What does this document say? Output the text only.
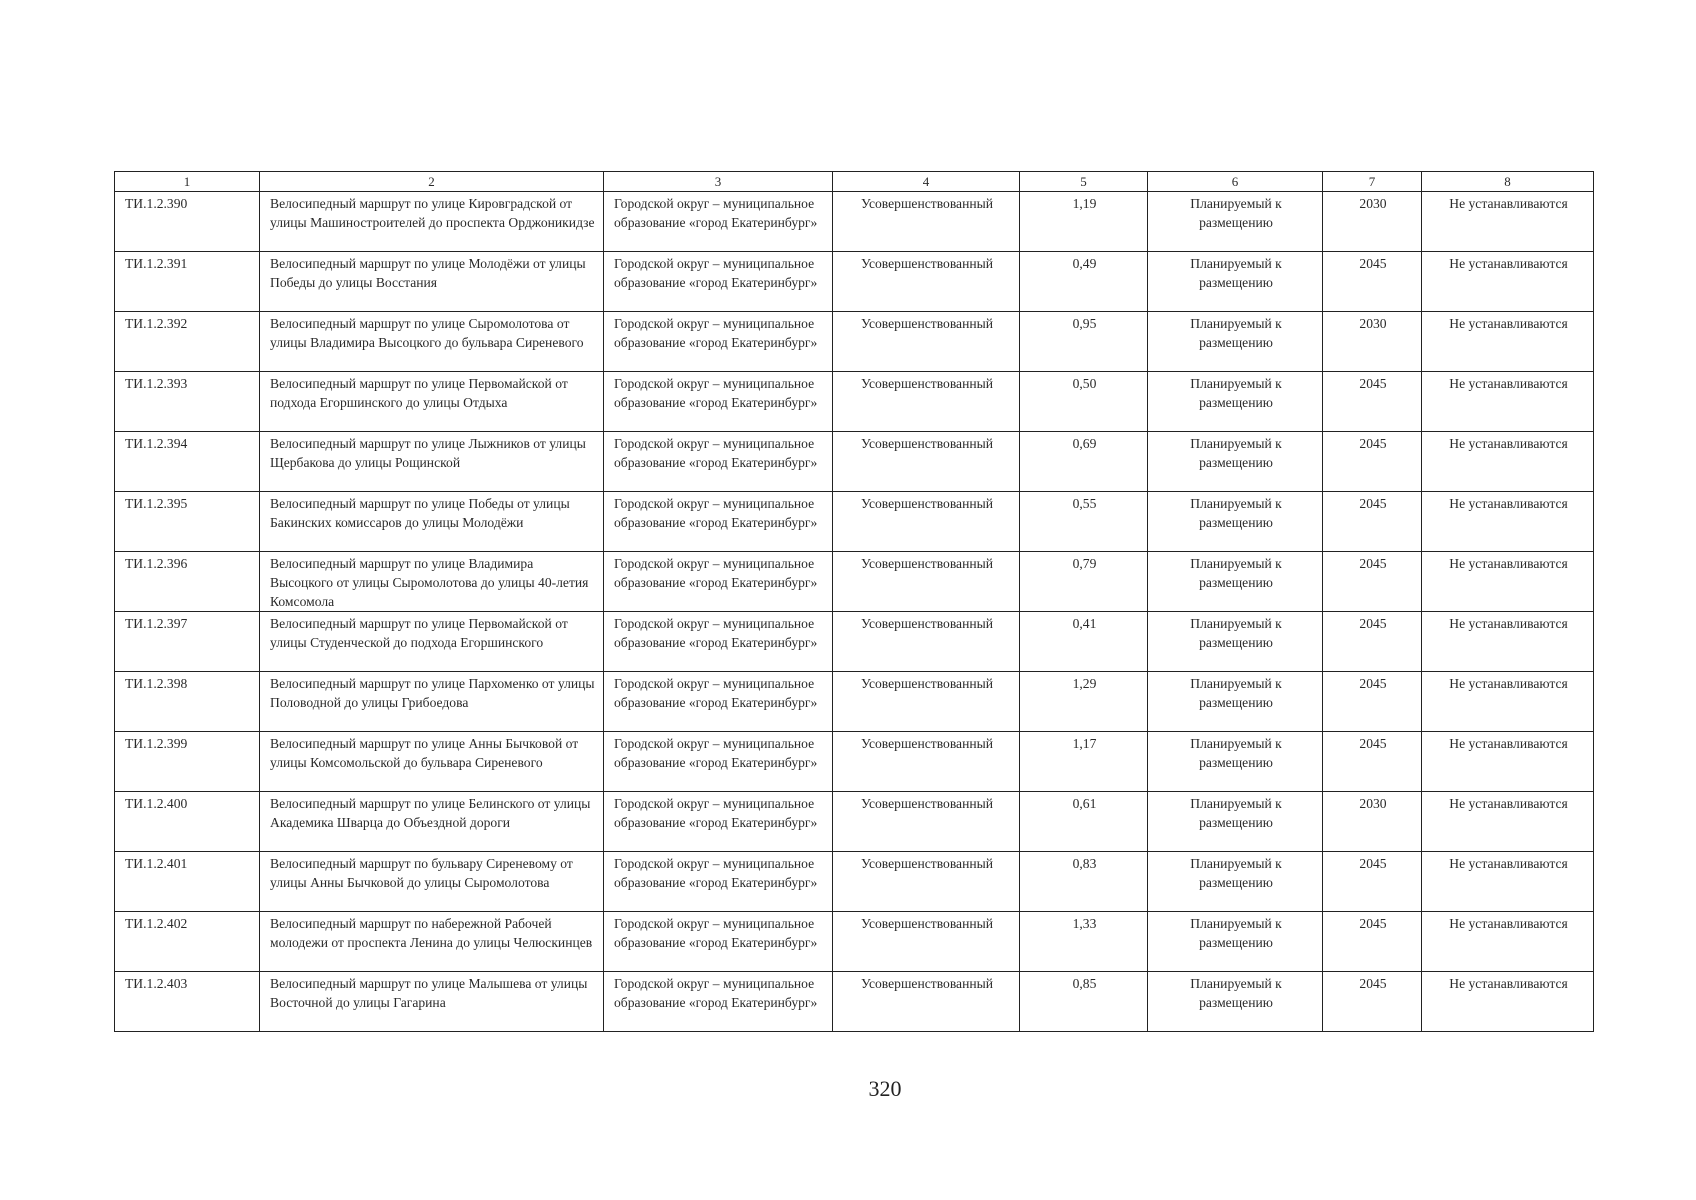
1	2	3	4	5	6	7	8
ТИ.1.2.390	Велосипедный маршрут по улице Кировградской от улицы Машиностроителей до проспекта Орджоникидзе	Городской округ – муниципальное образование «город Екатеринбург»	Усовершенствованный	1,19	Планируемый к размещению	2030	Не устанавливаются
ТИ.1.2.391	Велосипедный маршрут по улице Молодёжи от улицы Победы до улицы Восстания	Городской округ – муниципальное образование «город Екатеринбург»	Усовершенствованный	0,49	Планируемый к размещению	2045	Не устанавливаются
ТИ.1.2.392	Велосипедный маршрут по улице Сыромолотова от улицы Владимира Высоцкого до бульвара Сиреневого	Городской округ – муниципальное образование «город Екатеринбург»	Усовершенствованный	0,95	Планируемый к размещению	2030	Не устанавливаются
ТИ.1.2.393	Велосипедный маршрут по улице Первомайской от подхода Егоршинского до улицы Отдыха	Городской округ – муниципальное образование «город Екатеринбург»	Усовершенствованный	0,50	Планируемый к размещению	2045	Не устанавливаются
ТИ.1.2.394	Велосипедный маршрут по улице Лыжников от улицы Щербакова до улицы Рощинской	Городской округ – муниципальное образование «город Екатеринбург»	Усовершенствованный	0,69	Планируемый к размещению	2045	Не устанавливаются
ТИ.1.2.395	Велосипедный маршрут по улице Победы от улицы Бакинских комиссаров до улицы Молодёжи	Городской округ – муниципальное образование «город Екатеринбург»	Усовершенствованный	0,55	Планируемый к размещению	2045	Не устанавливаются
ТИ.1.2.396	Велосипедный маршрут по улице Владимира Высоцкого от улицы Сыромолотова до улицы 40-летия Комсомола	Городской округ – муниципальное образование «город Екатеринбург»	Усовершенствованный	0,79	Планируемый к размещению	2045	Не устанавливаются
ТИ.1.2.397	Велосипедный маршрут по улице Первомайской от улицы Студенческой до подхода Егоршинского	Городской округ – муниципальное образование «город Екатеринбург»	Усовершенствованный	0,41	Планируемый к размещению	2045	Не устанавливаются
ТИ.1.2.398	Велосипедный маршрут по улице Пархоменко от улицы Половодной до улицы Грибоедова	Городской округ – муниципальное образование «город Екатеринбург»	Усовершенствованный	1,29	Планируемый к размещению	2045	Не устанавливаются
ТИ.1.2.399	Велосипедный маршрут по улице Анны Бычковой от улицы Комсомольской до бульвара Сиреневого	Городской округ – муниципальное образование «город Екатеринбург»	Усовершенствованный	1,17	Планируемый к размещению	2045	Не устанавливаются
ТИ.1.2.400	Велосипедный маршрут по улице Белинского от улицы Академика Шварца до Объездной дороги	Городской округ – муниципальное образование «город Екатеринбург»	Усовершенствованный	0,61	Планируемый к размещению	2030	Не устанавливаются
ТИ.1.2.401	Велосипедный маршрут по бульвару Сиреневому от улицы Анны Бычковой до улицы Сыромолотова	Городской округ – муниципальное образование «город Екатеринбург»	Усовершенствованный	0,83	Планируемый к размещению	2045	Не устанавливаются
ТИ.1.2.402	Велосипедный маршрут по набережной Рабочей молодежи от проспекта Ленина до улицы Челюскинцев	Городской округ – муниципальное образование «город Екатеринбург»	Усовершенствованный	1,33	Планируемый к размещению	2045	Не устанавливаются
ТИ.1.2.403	Велосипедный маршрут по улице Малышева от улицы Восточной до улицы Гагарина	Городской округ – муниципальное образование «город Екатеринбург»	Усовершенствованный	0,85	Планируемый к размещению	2045	Не устанавливаются
320
